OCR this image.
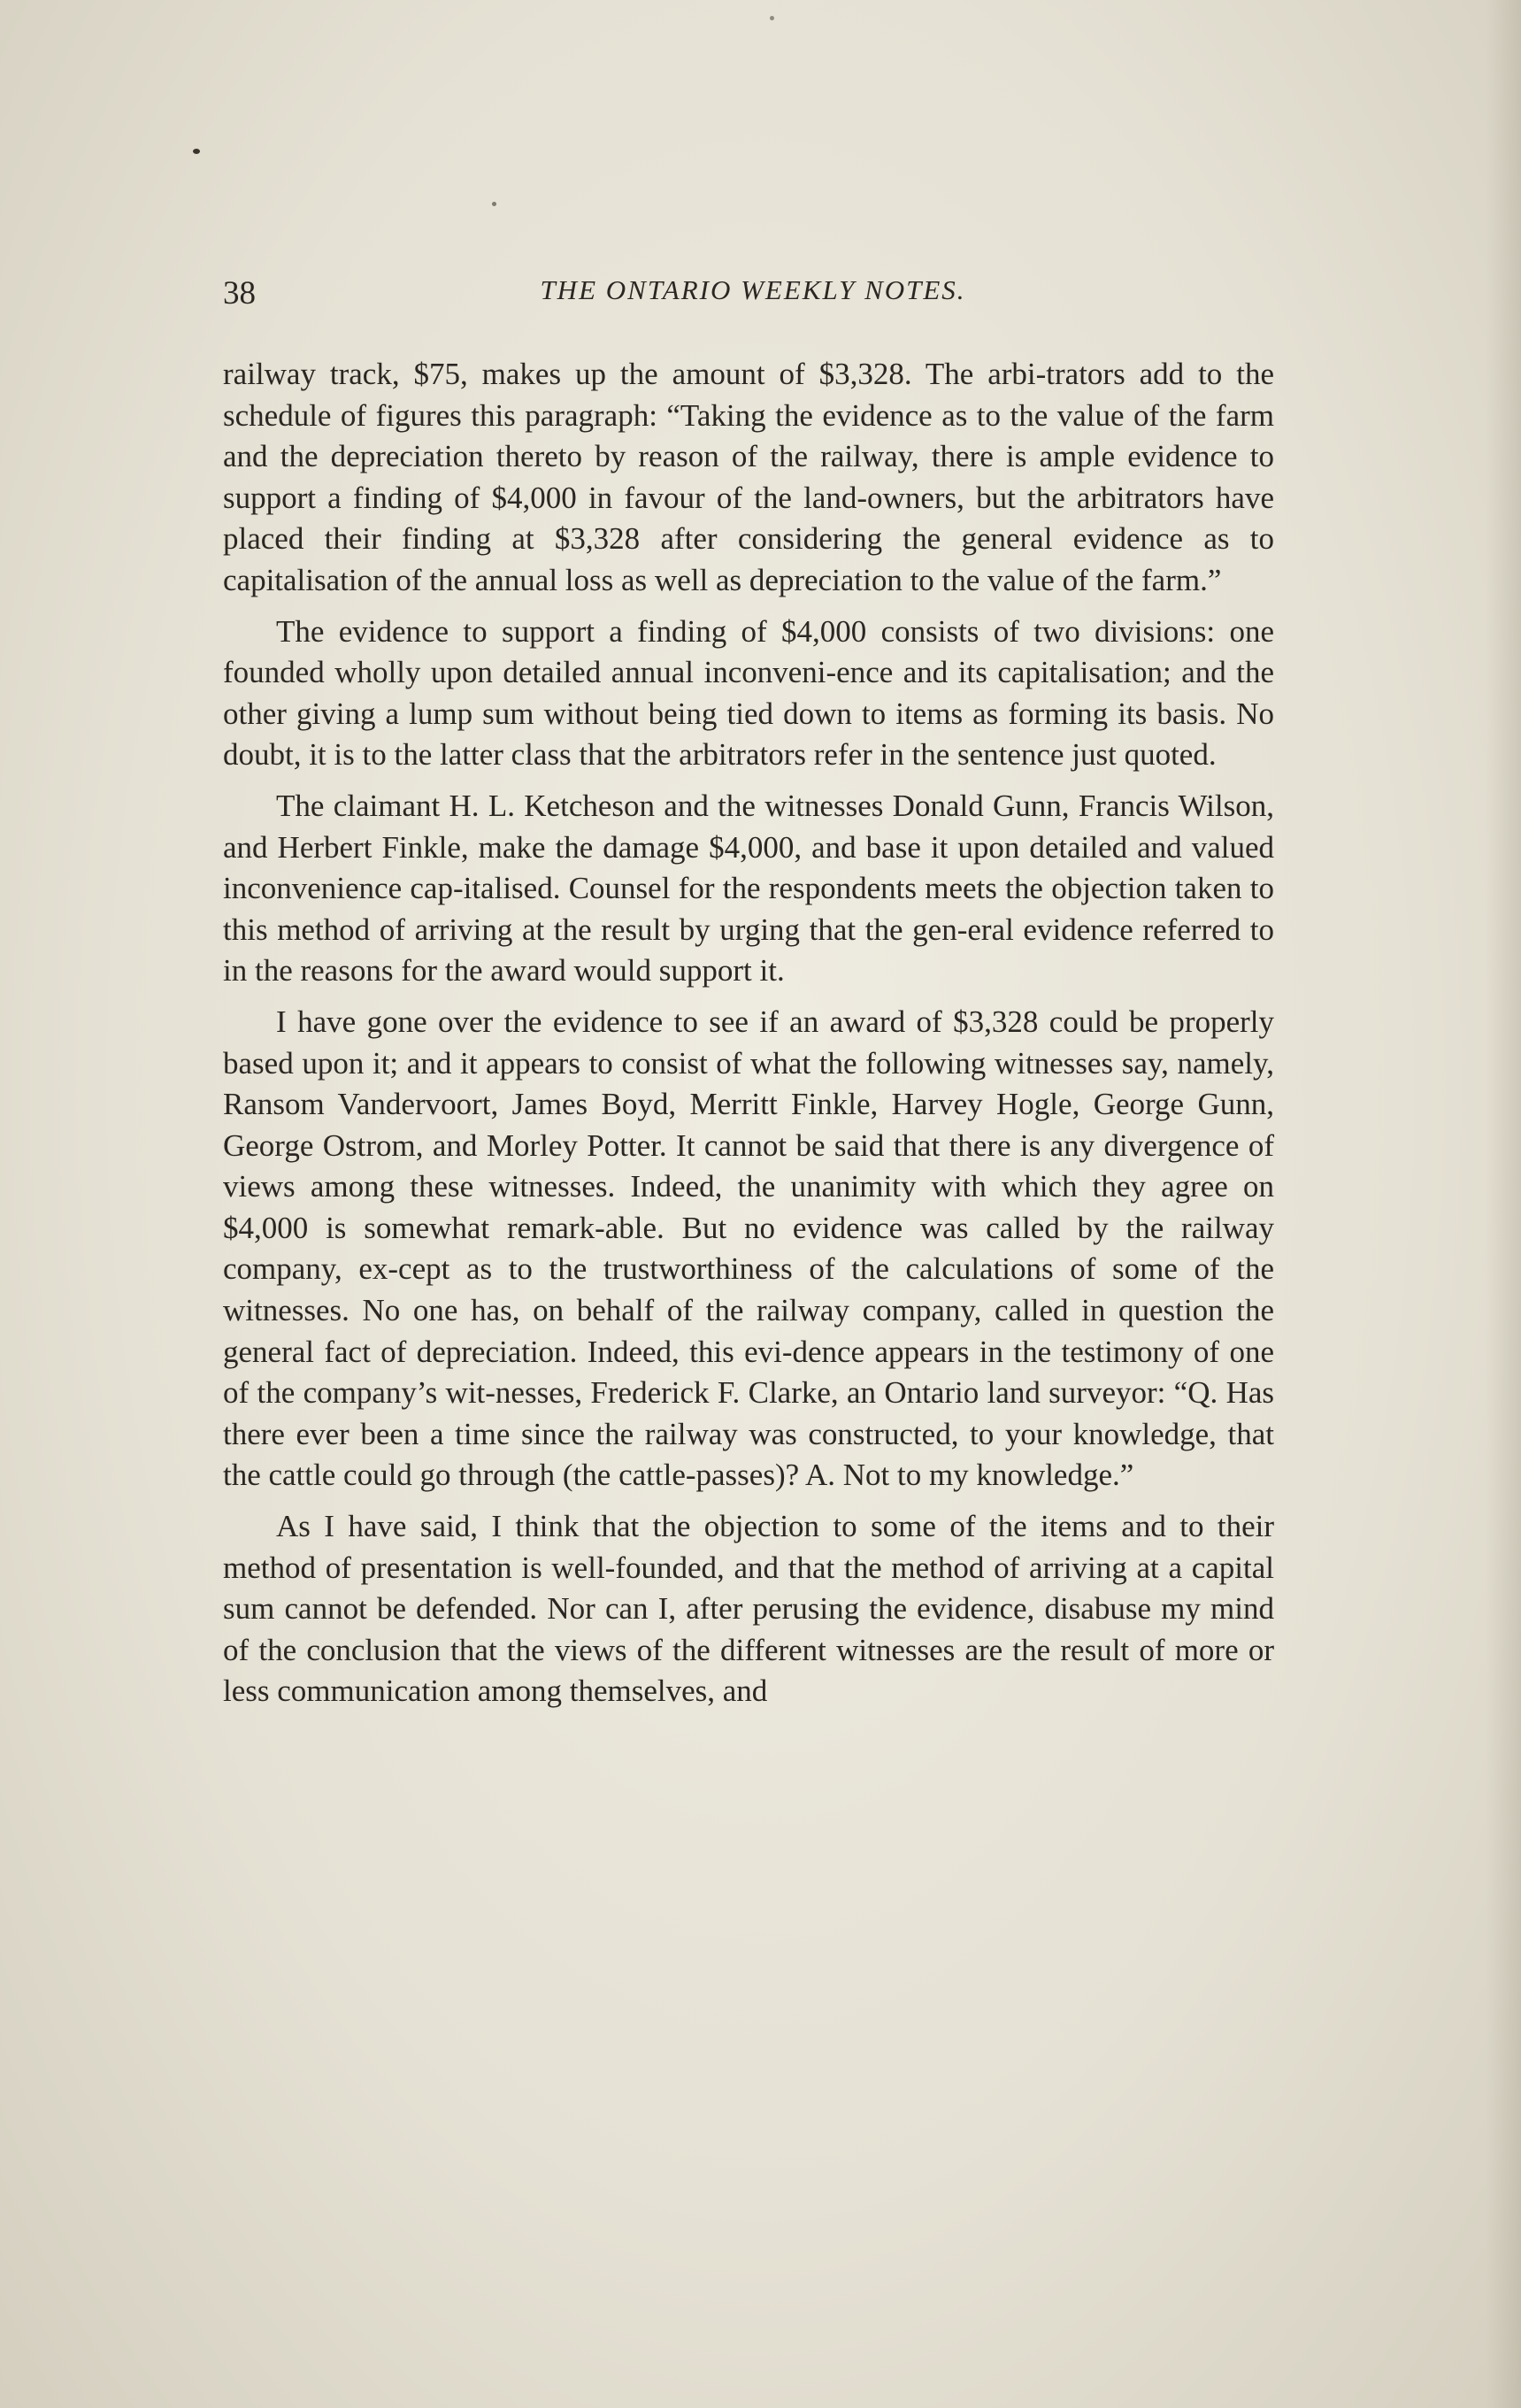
38	THE ONTARIO WEEKLY NOTES.

railway track, $75, makes up the amount of $3,328. The arbi-trators add to the schedule of figures this paragraph: “Taking the evidence as to the value of the farm and the depreciation thereto by reason of the railway, there is ample evidence to support a finding of $4,000 in favour of the land-owners, but the arbitrators have placed their finding at $3,328 after considering the general evidence as to capitalisation of the annual loss as well as depreciation to the value of the farm.”

The evidence to support a finding of $4,000 consists of two divisions: one founded wholly upon detailed annual inconveni-ence and its capitalisation; and the other giving a lump sum without being tied down to items as forming its basis. No doubt, it is to the latter class that the arbitrators refer in the sentence just quoted.

The claimant H. L. Ketcheson and the witnesses Donald Gunn, Francis Wilson, and Herbert Finkle, make the damage $4,000, and base it upon detailed and valued inconvenience cap-italised. Counsel for the respondents meets the objection taken to this method of arriving at the result by urging that the gen-eral evidence referred to in the reasons for the award would support it.

I have gone over the evidence to see if an award of $3,328 could be properly based upon it; and it appears to consist of what the following witnesses say, namely, Ransom Vandervoort, James Boyd, Merritt Finkle, Harvey Hogle, George Gunn, George Ostrom, and Morley Potter. It cannot be said that there is any divergence of views among these witnesses. Indeed, the unanimity with which they agree on $4,000 is somewhat remark-able. But no evidence was called by the railway company, ex-cept as to the trustworthiness of the calculations of some of the witnesses. No one has, on behalf of the railway company, called in question the general fact of depreciation. Indeed, this evi-dence appears in the testimony of one of the company’s wit-nesses, Frederick F. Clarke, an Ontario land surveyor: “Q. Has there ever been a time since the railway was constructed, to your knowledge, that the cattle could go through (the cattle-passes)? A. Not to my knowledge.”

As I have said, I think that the objection to some of the items and to their method of presentation is well-founded, and that the method of arriving at a capital sum cannot be defended. Nor can I, after perusing the evidence, disabuse my mind of the conclusion that the views of the different witnesses are the result of more or less communication among themselves, and
